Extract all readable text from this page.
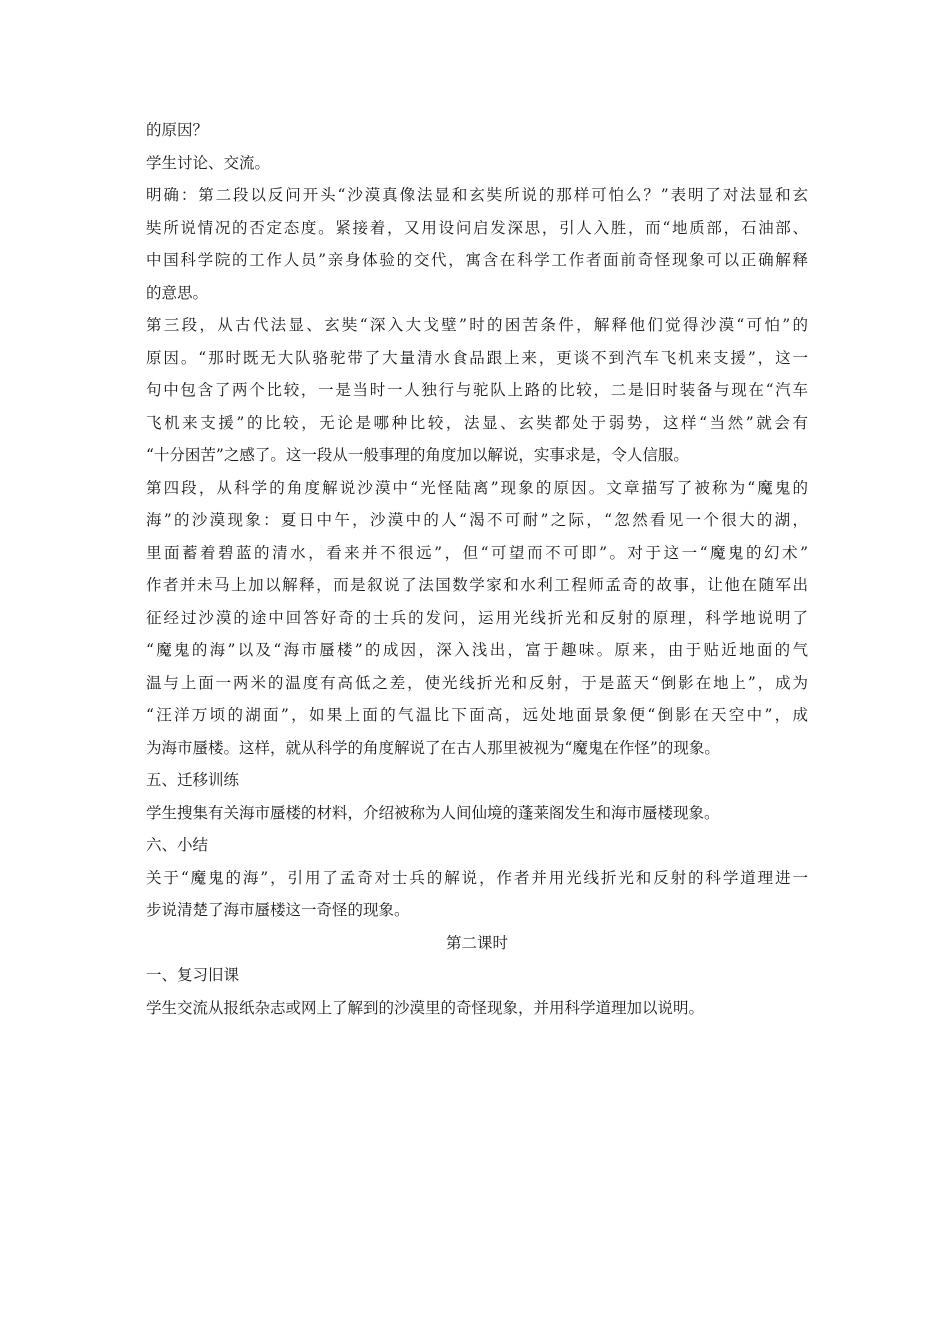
的原因？
学生讨论、交流。
明确：第二段以反问开头“沙漠真像法显和玄奘所说的那样可怕么？”表明了对法显和玄
奘所说情况的否定态度。紧接着，又用设问启发深思，引人入胜，而“地质部，石油部、
中国科学院的工作人员”亲身体验的交代，寓含在科学工作者面前奇怪现象可以正确解释
的意思。
第三段，从古代法显、玄奘“深入大戈壁”时的困苦条件，解释他们觉得沙漠“可怕”的
原因。“那时既无大队骆驼带了大量清水食品跟上来，更谈不到汽车飞机来支援”，这一
句中包含了两个比较，一是当时一人独行与驼队上路的比较，二是旧时装备与现在“汽车
飞机来支援”的比较，无论是哪种比较，法显、玄奘都处于弱势，这样“当然”就会有
“十分困苦”之感了。这一段从一般事理的角度加以解说，实事求是，令人信服。
第四段，从科学的角度解说沙漠中“光怪陆离”现象的原因。文章描写了被称为“魔鬼的
海”的沙漠现象：夏日中午，沙漠中的人“渴不可耐”之际，“忽然看见一个很大的湖，
里面蓄着碧蓝的清水，看来并不很远”，但“可望而不可即”。对于这一“魔鬼的幻术”
作者并未马上加以解释，而是叙说了法国数学家和水利工程师孟奇的故事，让他在随军出
征经过沙漠的途中回答好奇的士兵的发问，运用光线折光和反射的原理，科学地说明了
“魔鬼的海”以及“海市蜃楼”的成因，深入浅出，富于趣味。原来，由于贴近地面的气
温与上面一两米的温度有高低之差，使光线折光和反射，于是蓝天“倒影在地上”，成为
“汪洋万顷的湖面”，如果上面的气温比下面高，远处地面景象便“倒影在天空中”，成
为海市蜃楼。这样，就从科学的角度解说了在古人那里被视为“魔鬼在作怪”的现象。
五、迁移训练
学生搜集有关海市蜃楼的材料，介绍被称为人间仙境的蓬莱阁发生和海市蜃楼现象。
六、小结
关于“魔鬼的海”，引用了孟奇对士兵的解说，作者并用光线折光和反射的科学道理进一
步说清楚了海市蜃楼这一奇怪的现象。
第二课时
一、复习旧课
学生交流从报纸杂志或网上了解到的沙漠里的奇怪现象，并用科学道理加以说明。
